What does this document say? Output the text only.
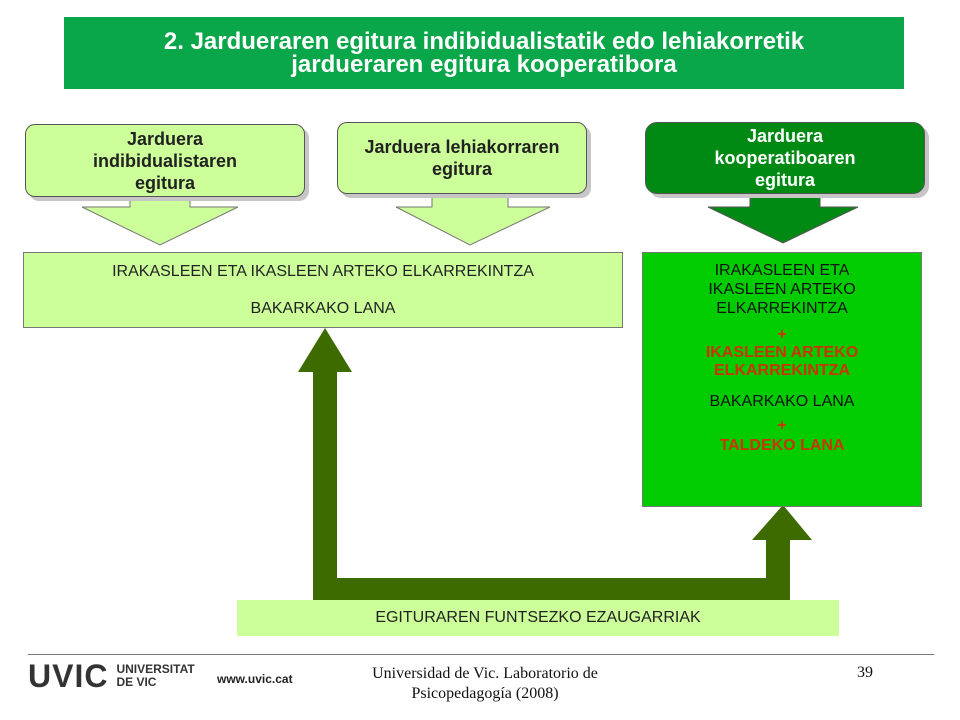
2. Jardueraren egitura indibidualistatik edo lehiakorretik
jardueraren egitura kooperatibora
Jarduera
indibidualistaren
egitura
Jarduera lehiakorraren
egitura
Jarduera
kooperatiboaren
egitura
IRAKASLEEN ETA IKASLEEN ARTEKO ELKARREKINTZA
BAKARKAKO LANA
IRAKASLEEN ETA
IKASLEEN ARTEKO
ELKARREKINTZA
+
IKASLEEN ARTEKO
ELKARREKINTZA
BAKARKAKO LANA
+
TALDEKO LANA
EGITURAREN FUNTSEZKO EZAUGARRIAK
UVIC UNIVERSITAT
DE VIC	www.uvic.cat	Universidad de Vic. Laboratorio de
Psicopedagogía (2008)
39
